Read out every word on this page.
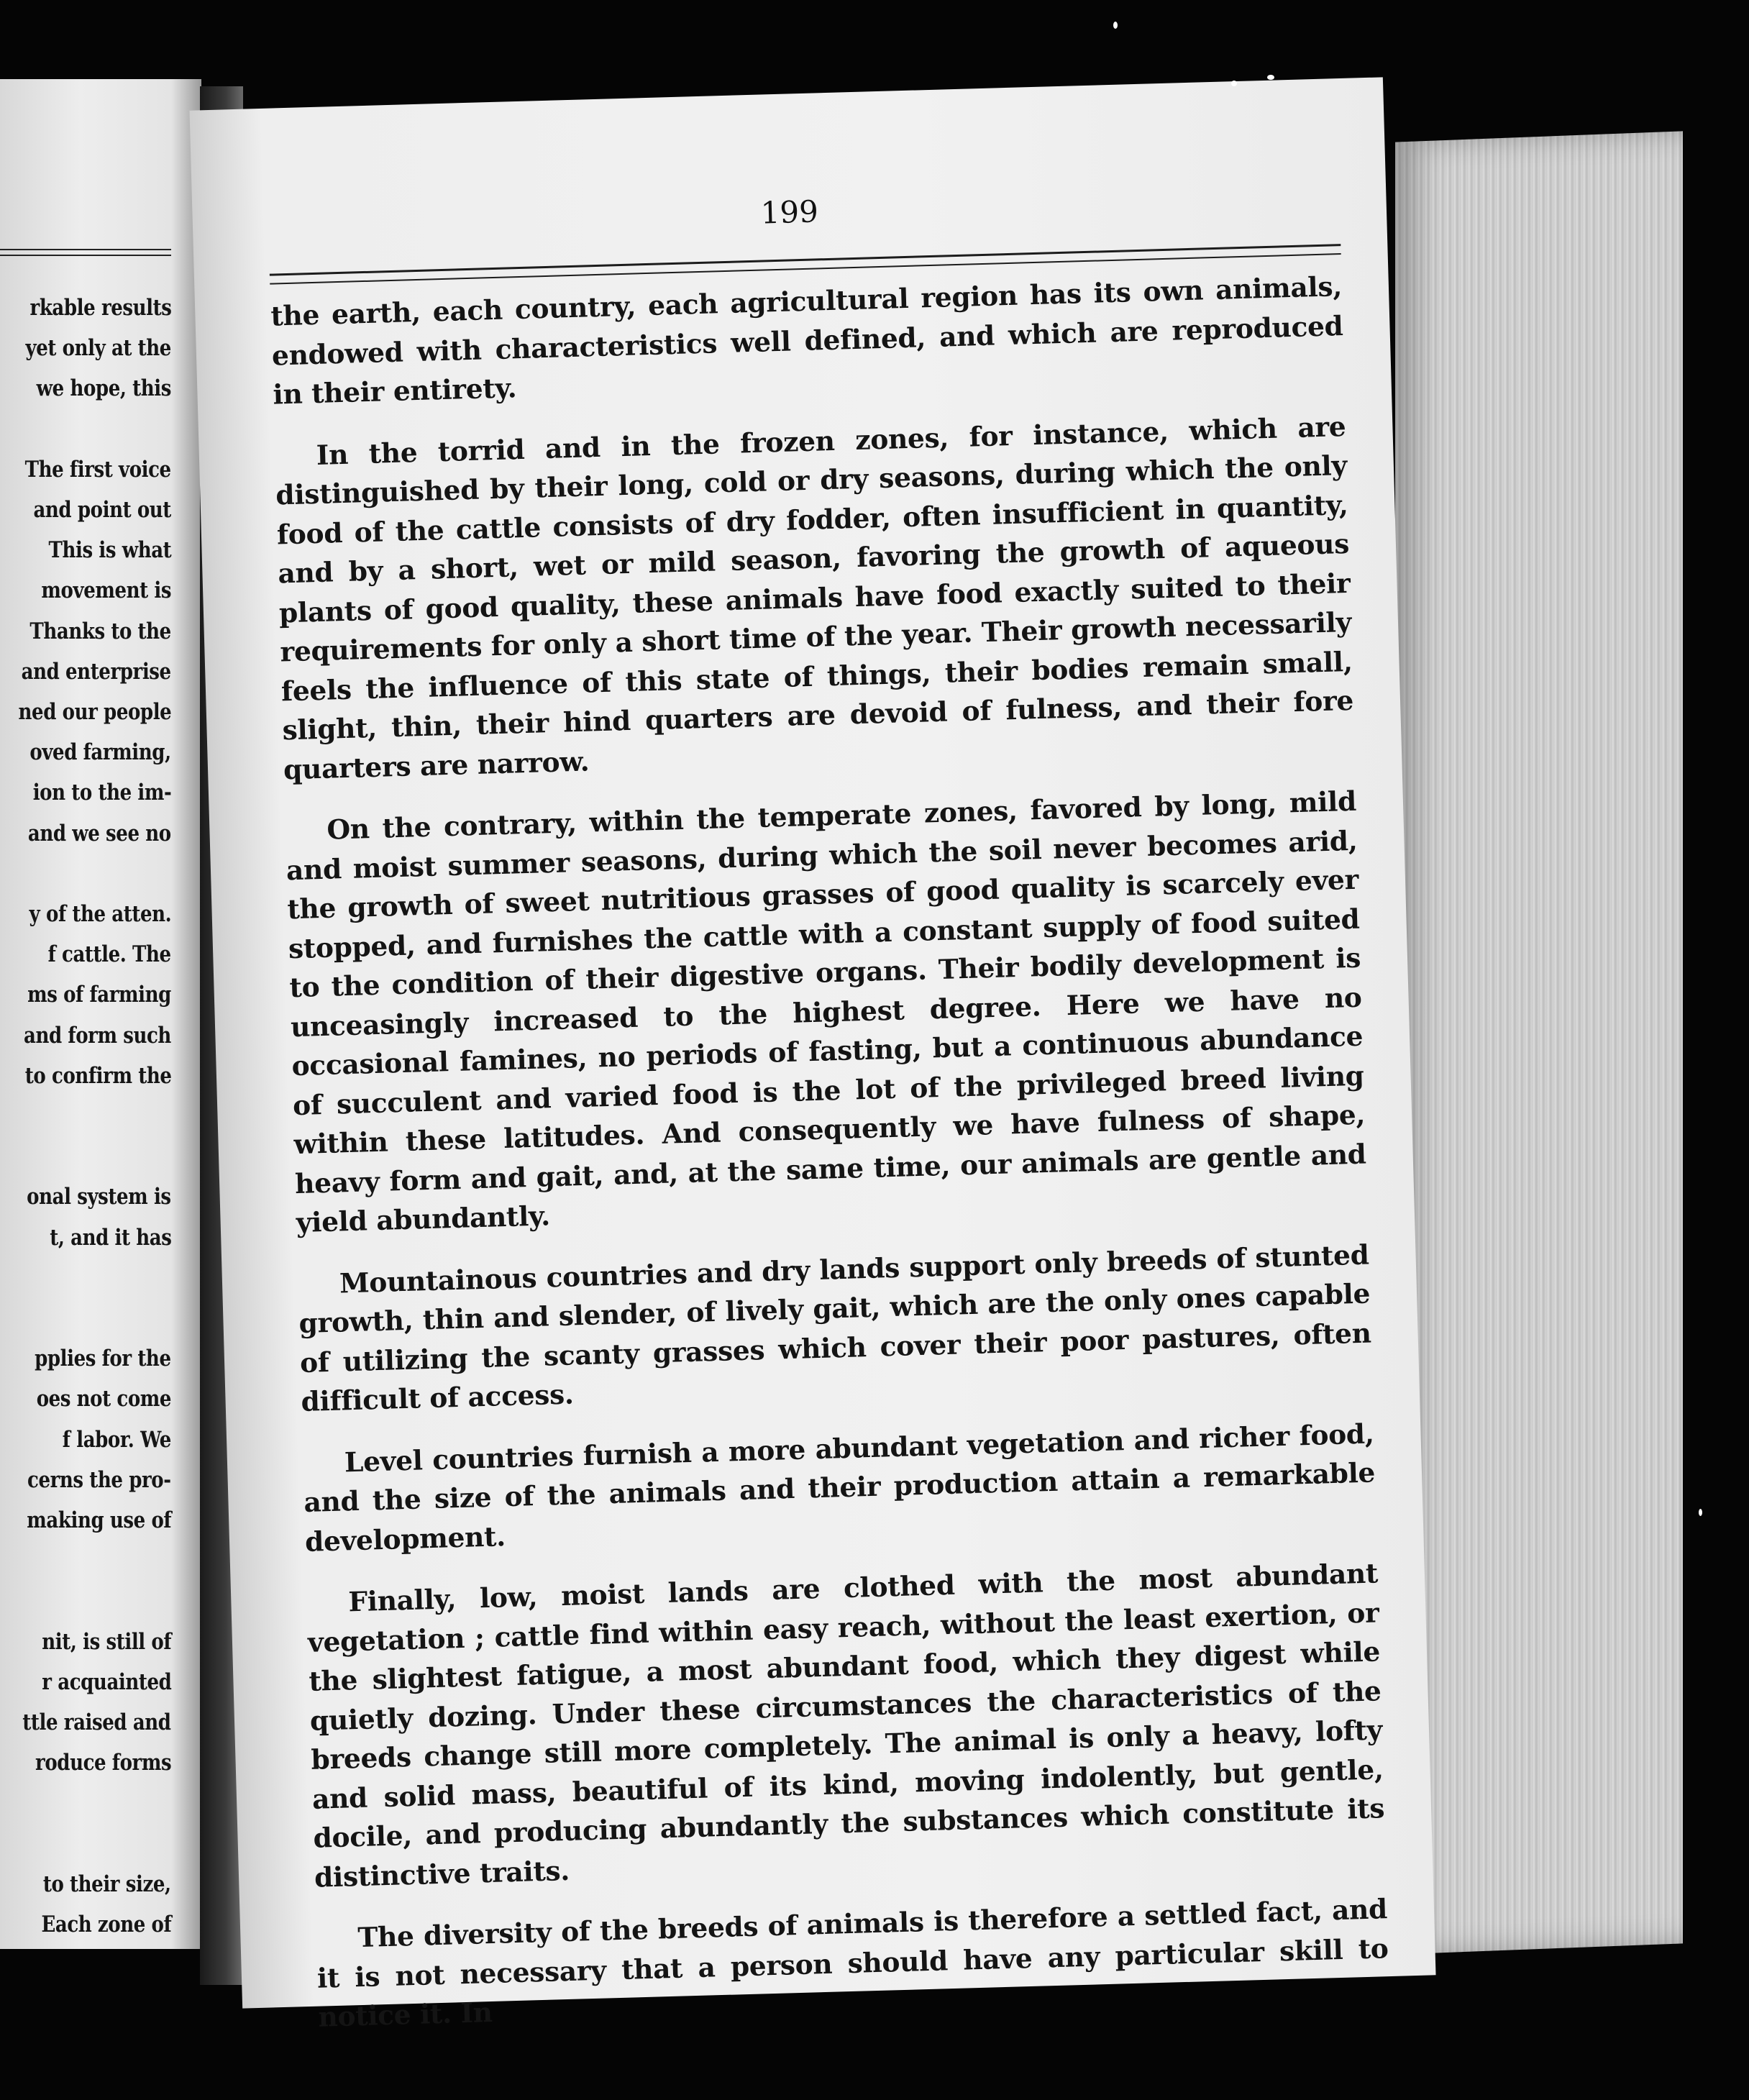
rkable results
yet only at the
we hope, this
The first voice
and point out
This is what
movement is
Thanks to the
and enterprise
ned our people
oved farming,
ion to the im-
and we see no
y of the atten.
f cattle. The
ms of farming
and form such
to confirm the
onal system is
t, and it has
pplies for the
oes not come
f labor. We
cerns the pro-
making use of
nit, is still of
r acquainted
ttle raised and
roduce forms
to their size,
Each zone of
199

the earth, each country, each agricultural region has its own animals, endowed with characteristics well defined, and which are reproduced in their entirety.

In the torrid and in the frozen zones, for instance, which are distinguished by their long, cold or dry seasons, during which the only food of the cattle consists of dry fodder, often insufficient in quantity, and by a short, wet or mild season, favoring the growth of aqueous plants of good quality, these animals have food exactly suited to their requirements for only a short time of the year. Their growth necessarily feels the influence of this state of things, their bodies remain small, slight, thin, their hind quarters are devoid of fulness, and their fore quarters are narrow.

On the contrary, within the temperate zones, favored by long, mild and moist summer seasons, during which the soil never becomes arid, the growth of sweet nutritious grasses of good quality is scarcely ever stopped, and furnishes the cattle with a constant supply of food suited to the condition of their digestive organs. Their bodily development is unceasingly increased to the highest degree. Here we have no occasional famines, no periods of fasting, but a continuous abundance of succulent and varied food is the lot of the privileged breed living within these latitudes. And consequently we have fulness of shape, heavy form and gait, and, at the same time, our animals are gentle and yield abundantly.

Mountainous countries and dry lands support only breeds of stunted growth, thin and slender, of lively gait, which are the only ones capable of utilizing the scanty grasses which cover their poor pastures, often difficult of access.

Level countries furnish a more abundant vegetation and richer food, and the size of the animals and their production attain a remarkable development.

Finally, low, moist lands are clothed with the most abundant vegetation ; cattle find within easy reach, without the least exertion, or the slightest fatigue, a most abundant food, which they digest while quietly dozing. Under these circumstances the characteristics of the breeds change still more completely. The animal is only a heavy, lofty and solid mass, beautiful of its kind, moving indolently, but gentle, docile, and producing abundantly the substances which constitute its distinctive traits.

The diversity of the breeds of animals is therefore a settled fact, and it is not necessary that a person should have any particular skill to notice it. In
